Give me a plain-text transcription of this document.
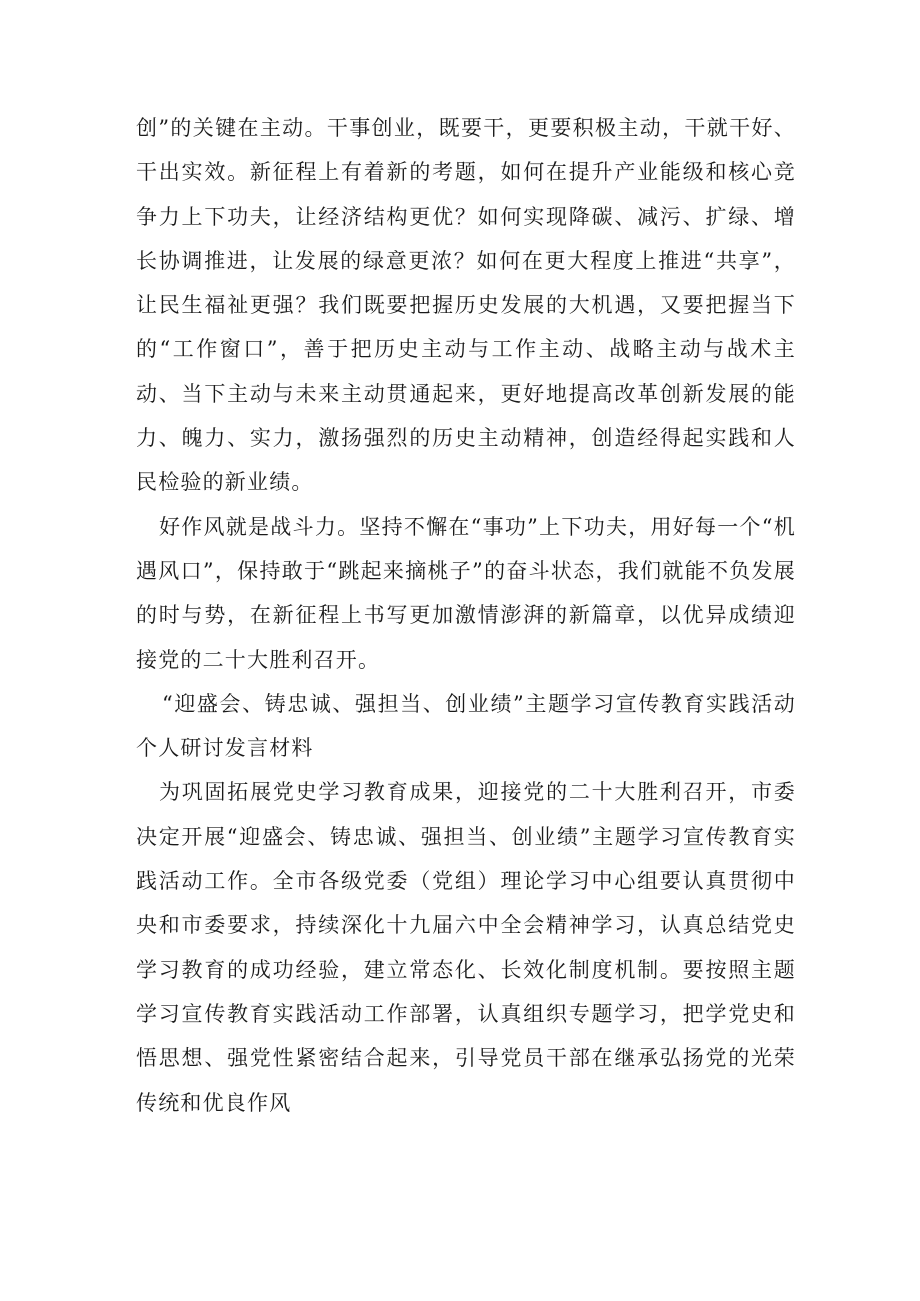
创”的关键在主动。干事创业，既要干，更要积极主动，干就干好、干出实效。新征程上有着新的考题，如何在提升产业能级和核心竞争力上下功夫，让经济结构更优？如何实现降碳、减污、扩绿、增长协调推进，让发展的绿意更浓？如何在更大程度上推进“共享”，让民生福祉更强？我们既要把握历史发展的大机遇，又要把握当下的“工作窗口”，善于把历史主动与工作主动、战略主动与战术主动、当下主动与未来主动贯通起来，更好地提高改革创新发展的能力、魄力、实力，激扬强烈的历史主动精神，创造经得起实践和人民检验的新业绩。

好作风就是战斗力。坚持不懈在“事功”上下功夫，用好每一个“机遇风口”，保持敢于“跳起来摘桃子”的奋斗状态，我们就能不负发展的时与势，在新征程上书写更加激情澎湃的新篇章，以优异成绩迎接党的二十大胜利召开。

“迎盛会、铸忠诚、强担当、创业绩”主题学习宣传教育实践活动个人研讨发言材料

为巩固拓展党史学习教育成果，迎接党的二十大胜利召开，市委决定开展“迎盛会、铸忠诚、强担当、创业绩”主题学习宣传教育实践活动工作。全市各级党委（党组）理论学习中心组要认真贯彻中央和市委要求，持续深化十九届六中全会精神学习，认真总结党史学习教育的成功经验，建立常态化、长效化制度机制。要按照主题学习宣传教育实践活动工作部署，认真组织专题学习，把学党史和悟思想、强党性紧密结合起来，引导党员干部在继承弘扬党的光荣传统和优良作风
